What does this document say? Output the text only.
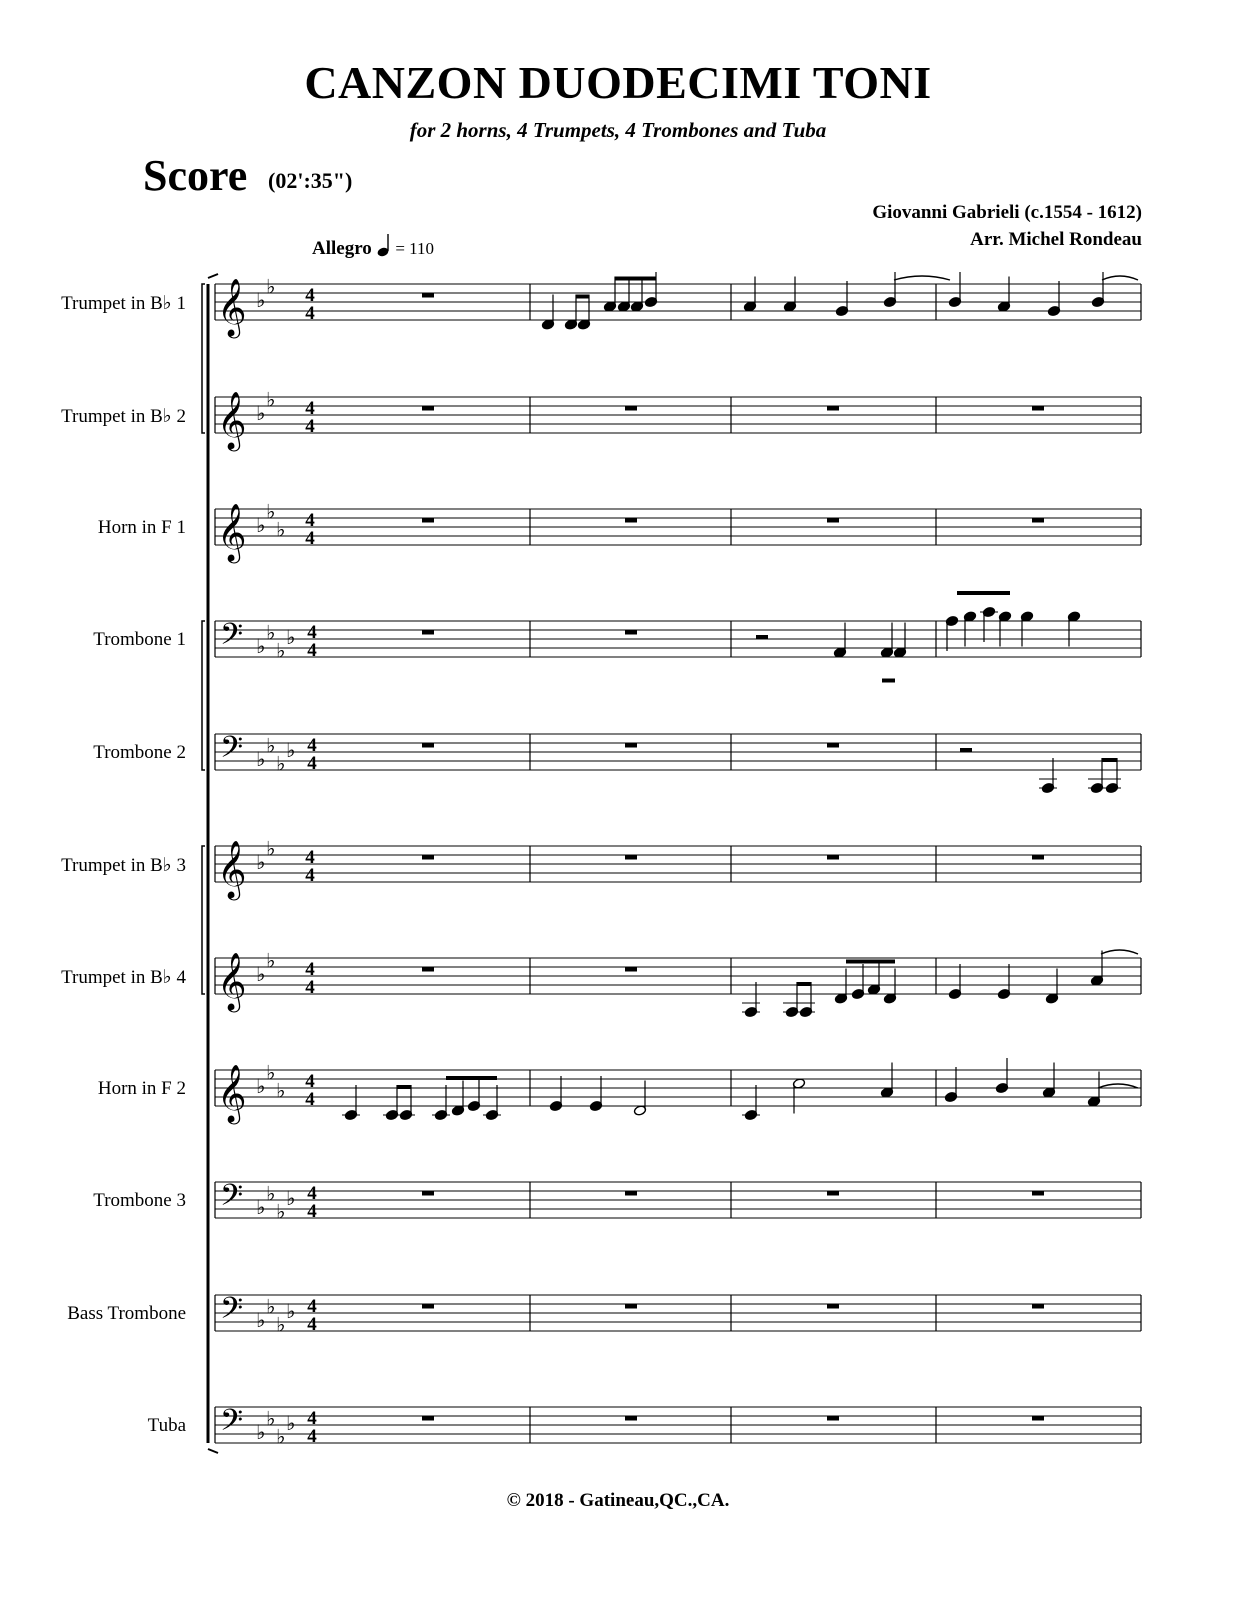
CANZON DUODECIMI TONI
for 2 horns, 4 Trumpets, 4 Trombones and Tuba
Score (02':35")
Giovanni Gabrieli (c.1554 - 1612)
Arr. Michel Rondeau
Allegro = 110
Trumpet in B♭ 1
Trumpet in B♭ 2
Horn in F 1
Trombone 1
Trombone 2
Trumpet in B♭ 3
Trumpet in B♭ 4
Horn in F 2
Trombone 3
Bass Trombone
Tuba
𝄞 ♭
♭ 4
4
𝄞 ♭
♭ 4
4
𝄞 ♭
♭
♭ 4
4
𝄢 ♭
♭
♭
♭ 4
4
𝄢 ♭
♭
♭
♭ 4
4
𝄞 ♭
♭ 4
4
𝄞 ♭
♭ 4
4
𝄞 ♭
♭
♭ 4
4
𝄢 ♭
♭
♭
♭ 4
4
𝄢 ♭
♭
♭
♭ 4
4
𝄢 ♭
♭
♭
♭ 4
4
© 2018 - Gatineau,QC.,CA.
